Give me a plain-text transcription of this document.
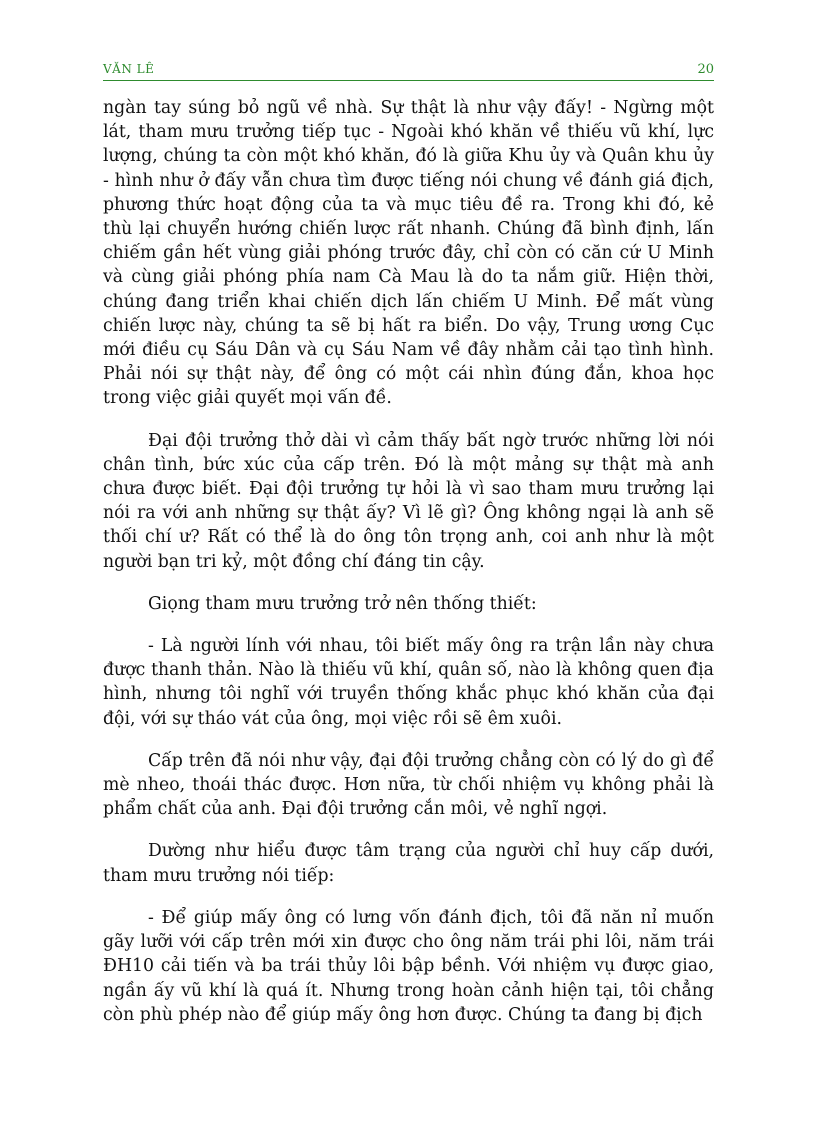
VĂN LÊ	20

ngàn tay súng bỏ ngũ về nhà. Sự thật là như vậy đấy! - Ngừng một lát, tham mưu trưởng tiếp tục - Ngoài khó khăn về thiếu vũ khí, lực lượng, chúng ta còn một khó khăn, đó là giữa Khu ủy và Quân khu ủy - hình như ở đấy vẫn chưa tìm được tiếng nói chung về đánh giá địch, phương thức hoạt động của ta và mục tiêu đề ra. Trong khi đó, kẻ thù lại chuyển hướng chiến lược rất nhanh. Chúng đã bình định, lấn chiếm gần hết vùng giải phóng trước đây, chỉ còn có căn cứ U Minh và cùng giải phóng phía nam Cà Mau là do ta nắm giữ. Hiện thời, chúng đang triển khai chiến dịch lấn chiếm U Minh. Để mất vùng chiến lược này, chúng ta sẽ bị hất ra biển. Do vậy, Trung ương Cục mới điều cụ Sáu Dân và cụ Sáu Nam về đây nhằm cải tạo tình hình. Phải nói sự thật này, để ông có một cái nhìn đúng đắn, khoa học trong việc giải quyết mọi vấn đề.

Đại đội trưởng thở dài vì cảm thấy bất ngờ trước những lời nói chân tình, bức xúc của cấp trên. Đó là một mảng sự thật mà anh chưa được biết. Đại đội trưởng tự hỏi là vì sao tham mưu trưởng lại nói ra với anh những sự thật ấy? Vì lẽ gì? Ông không ngại là anh sẽ thối chí ư? Rất có thể là do ông tôn trọng anh, coi anh như là một người bạn tri kỷ, một đồng chí đáng tin cậy.

Giọng tham mưu trưởng trở nên thống thiết:

- Là người lính với nhau, tôi biết mấy ông ra trận lần này chưa được thanh thản. Nào là thiếu vũ khí, quân số, nào là không quen địa hình, nhưng tôi nghĩ với truyền thống khắc phục khó khăn của đại đội, với sự tháo vát của ông, mọi việc rồi sẽ êm xuôi.

Cấp trên đã nói như vậy, đại đội trưởng chẳng còn có lý do gì để mè nheo, thoái thác được. Hơn nữa, từ chối nhiệm vụ không phải là phẩm chất của anh. Đại đội trưởng cắn môi, vẻ nghĩ ngợi.

Dường như hiểu được tâm trạng của người chỉ huy cấp dưới, tham mưu trưởng nói tiếp:

- Để giúp mấy ông có lưng vốn đánh địch, tôi đã năn nỉ muốn gãy lưỡi với cấp trên mới xin được cho ông năm trái phi lôi, năm trái ĐH10 cải tiến và ba trái thủy lôi bập bềnh. Với nhiệm vụ được giao, ngần ấy vũ khí là quá ít. Nhưng trong hoàn cảnh hiện tại, tôi chẳng còn phù phép nào để giúp mấy ông hơn được. Chúng ta đang bị địch
